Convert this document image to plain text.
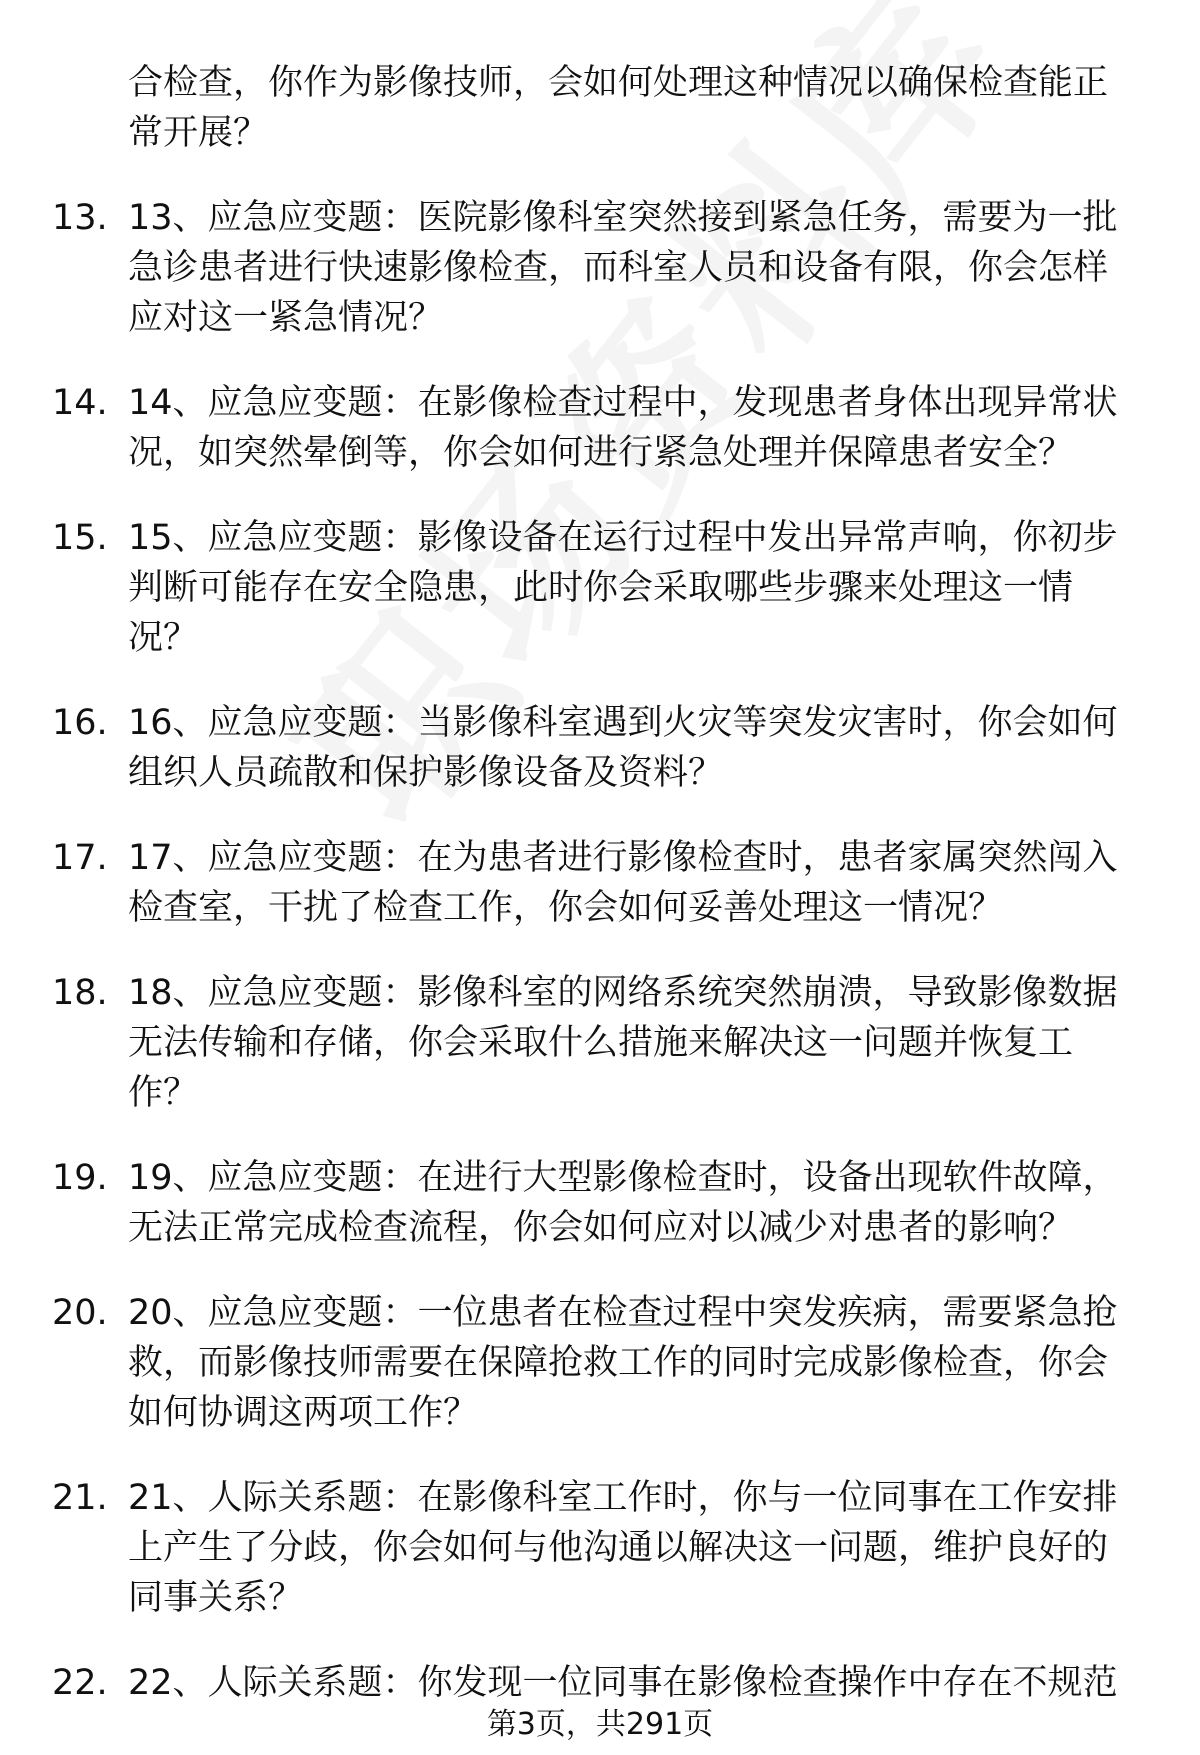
合检查，你作为影像技师，会如何处理这种情况以确保检查能正
常开展？
13. 13、应急应变题：医院影像科室突然接到紧急任务，需要为一批
急诊患者进行快速影像检查，而科室人员和设备有限，你会怎样
应对这一紧急情况？
14. 14、应急应变题：在影像检查过程中，发现患者身体出现异常状
况，如突然晕倒等，你会如何进行紧急处理并保障患者安全？
15. 15、应急应变题：影像设备在运行过程中发出异常声响，你初步
判断可能存在安全隐患，此时你会采取哪些步骤来处理这一情
况？
16. 16、应急应变题：当影像科室遇到火灾等突发灾害时，你会如何
组织人员疏散和保护影像设备及资料？
17. 17、应急应变题：在为患者进行影像检查时，患者家属突然闯入
检查室，干扰了检查工作，你会如何妥善处理这一情况？
18. 18、应急应变题：影像科室的网络系统突然崩溃，导致影像数据
无法传输和存储，你会采取什么措施来解决这一问题并恢复工
作？
19. 19、应急应变题：在进行大型影像检查时，设备出现软件故障，
无法正常完成检查流程，你会如何应对以减少对患者的影响？
20. 20、应急应变题：一位患者在检查过程中突发疾病，需要紧急抢
救，而影像技师需要在保障抢救工作的同时完成影像检查，你会
如何协调这两项工作？
21. 21、人际关系题：在影像科室工作时，你与一位同事在工作安排
上产生了分歧，你会如何与他沟通以解决这一问题，维护良好的
同事关系？
22. 22、人际关系题：你发现一位同事在影像检查操作中存在不规范
第3页，共291页
